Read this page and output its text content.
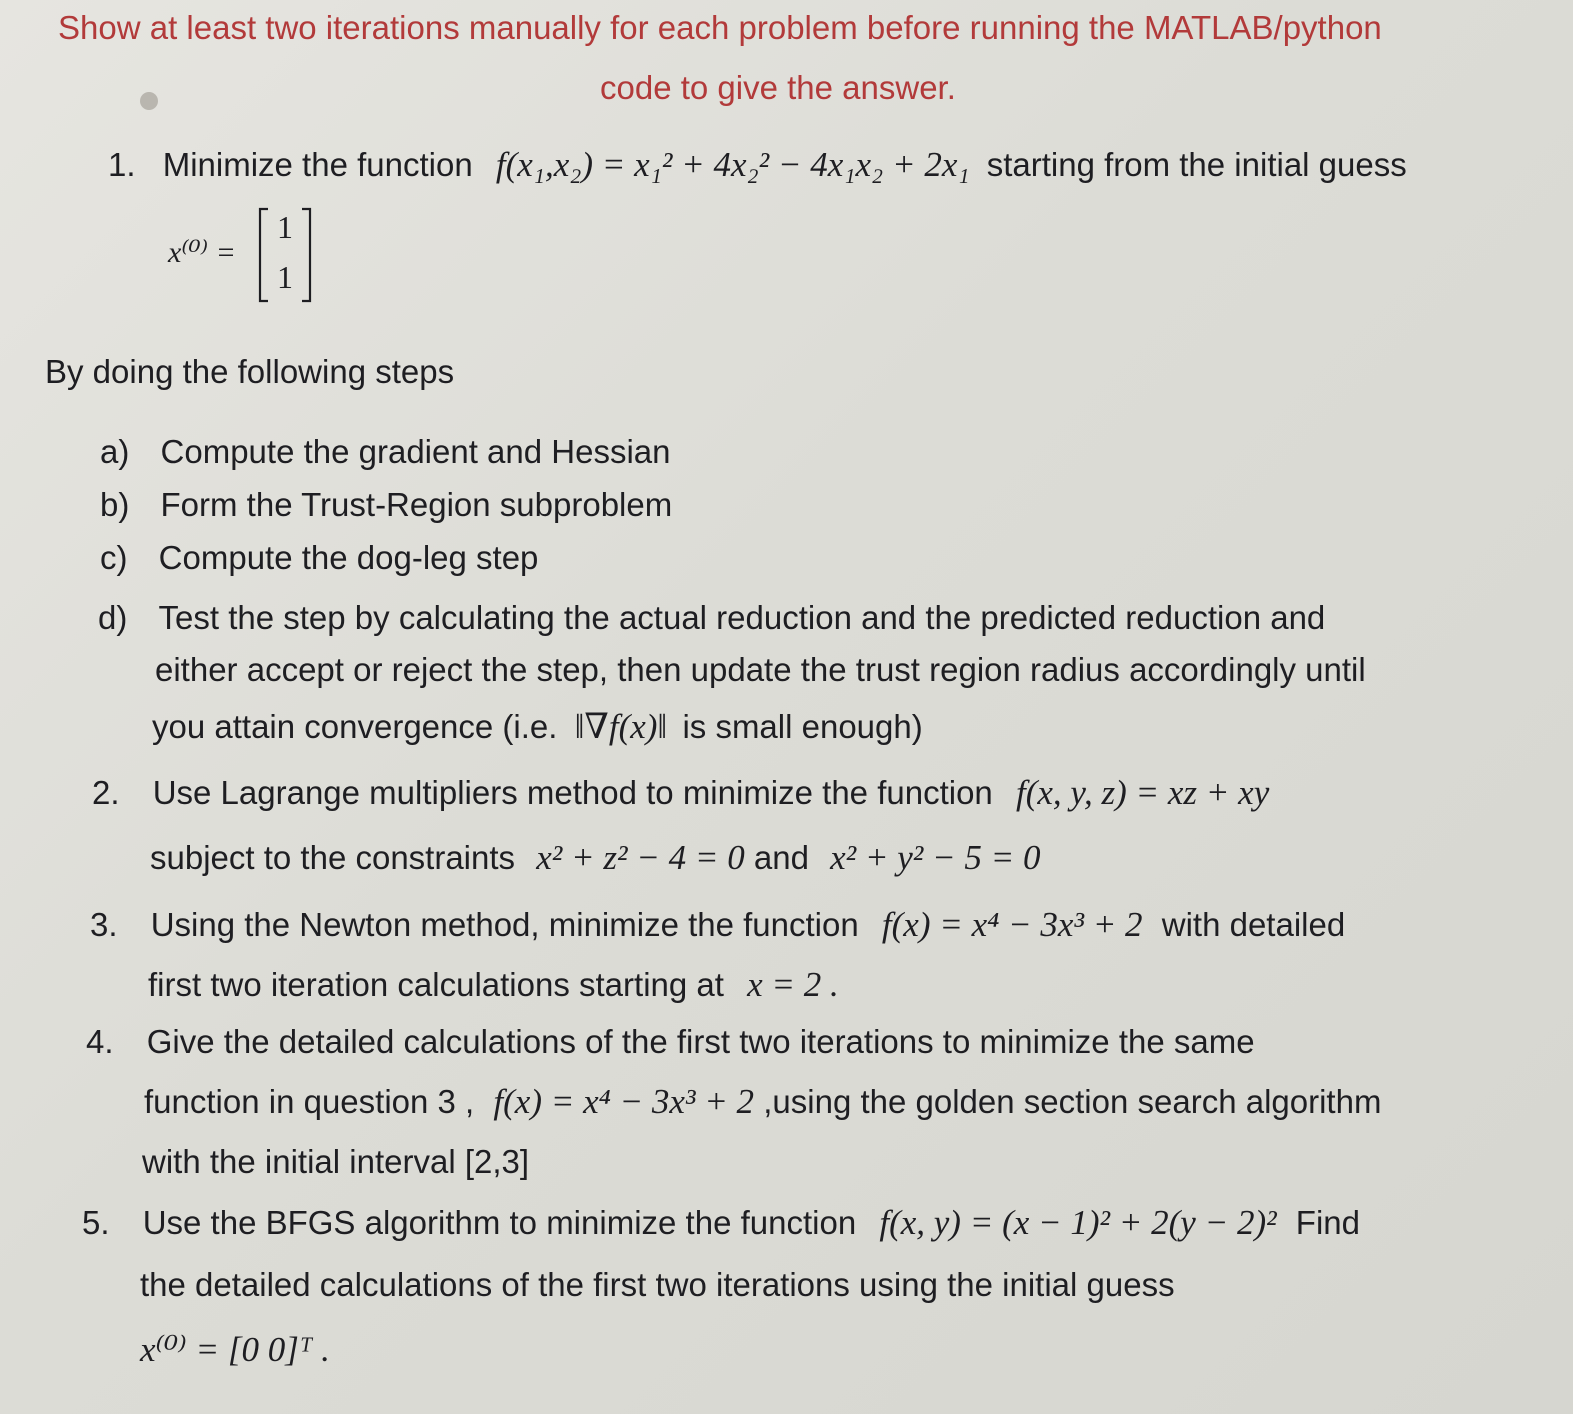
Show at least two iterations manually for each problem before running the MATLAB/python
code to give the answer.
1. Minimize the function f(x₁,x₂) = x₁² + 4x₂² − 4x₁x₂ + 2x₁ starting from the initial guess
x⁽⁰⁾ =
1
1
By doing the following steps
a) Compute the gradient and Hessian
b) Form the Trust-Region subproblem
c) Compute the dog-leg step
d) Test the step by calculating the actual reduction and the predicted reduction and
either accept or reject the step, then update the trust region radius accordingly until
you attain convergence (i.e. ‖∇f(x)‖ is small enough)
2. Use Lagrange multipliers method to minimize the function f(x, y, z) = xz + xy
subject to the constraints x² + z² − 4 = 0 and x² + y² − 5 = 0
3. Using the Newton method, minimize the function f(x) = x⁴ − 3x³ + 2 with detailed
first two iteration calculations starting at x = 2 .
4. Give the detailed calculations of the first two iterations to minimize the same
function in question 3 , f(x) = x⁴ − 3x³ + 2 ,using the golden section search algorithm
with the initial interval [2,3]
5. Use the BFGS algorithm to minimize the function f(x, y) = (x − 1)² + 2(y − 2)² Find
the detailed calculations of the first two iterations using the initial guess
x⁽⁰⁾ = [0 0]ᵀ .
